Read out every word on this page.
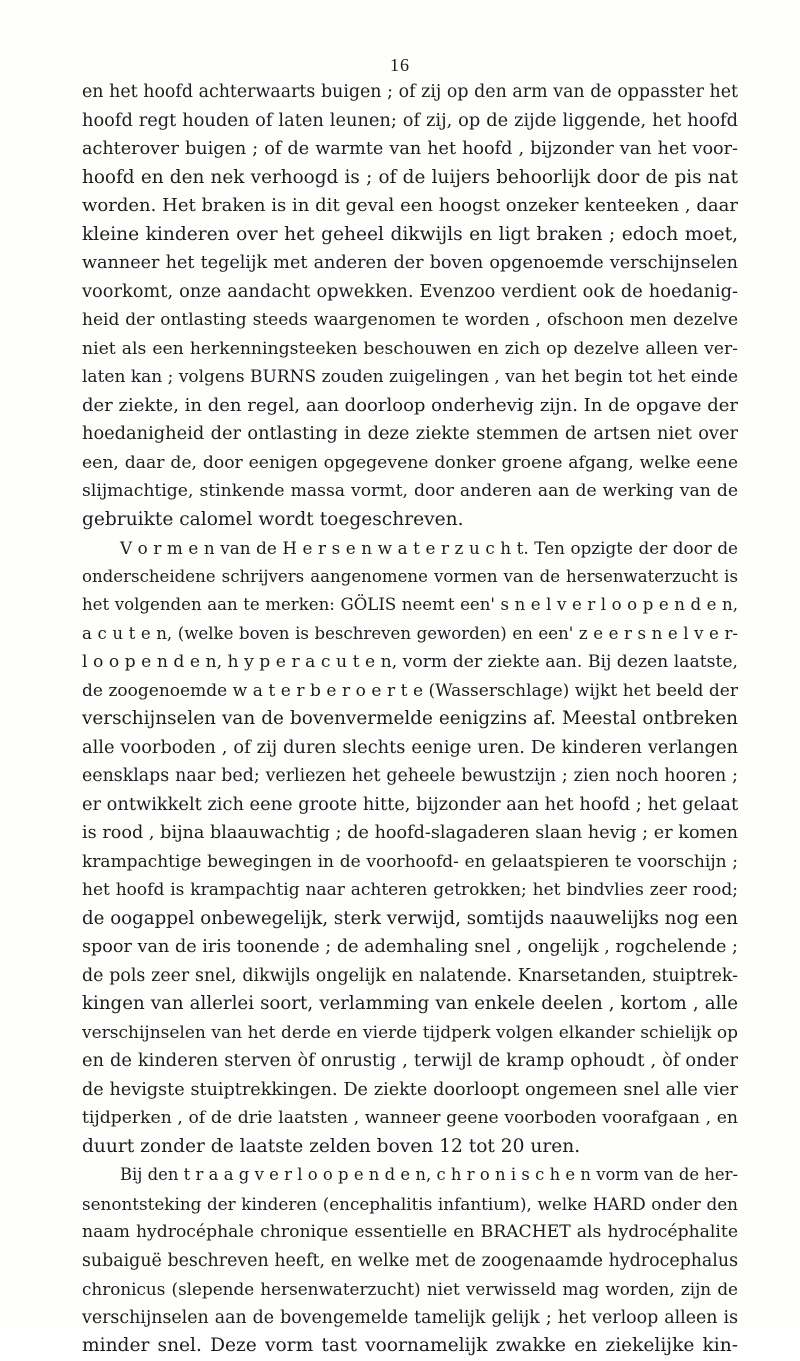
16
en het hoofd achterwaarts buigen ; of zij op den arm van de oppasster het
hoofd regt houden of laten leunen; of zij, op de zijde liggende, het hoofd
achterover buigen ; of de warmte van het hoofd , bijzonder van het voor-
hoofd en den nek verhoogd is ; of de luijers behoorlijk door de pis nat
worden. Het braken is in dit geval een hoogst onzeker kenteeken , daar
kleine kinderen over het geheel dikwijls en ligt braken ; edoch moet,
wanneer het tegelijk met anderen der boven opgenoemde verschijnselen
voorkomt, onze aandacht opwekken. Evenzoo verdient ook de hoedanig-
heid der ontlasting steeds waargenomen te worden , ofschoon men dezelve
niet als een herkenningsteeken beschouwen en zich op dezelve alleen ver-
laten kan ; volgens BURNS zouden zuigelingen , van het begin tot het einde
der ziekte, in den regel, aan doorloop onderhevig zijn. In de opgave der
hoedanigheid der ontlasting in deze ziekte stemmen de artsen niet over
een, daar de, door eenigen opgegevene donker groene afgang, welke eene
slijmachtige, stinkende massa vormt, door anderen aan de werking van de
gebruikte calomel wordt toegeschreven.
V o r m e n van de H e r s e n w a t e r z u c h t. Ten opzigte der door de
onderscheidene schrijvers aangenomene vormen van de hersenwaterzucht is
het volgenden aan te merken: GÖLIS neemt een' s n e l v e r l o o p e n d e n,
a c u t e n, (welke boven is beschreven geworden) en een' z e e r s n e l v e r-
l o o p e n d e n, h y p e r a c u t e n, vorm der ziekte aan. Bij dezen laatste,
de zoogenoemde w a t e r b e r o e r t e (Wasserschlage) wijkt het beeld der
verschijnselen van de bovenvermelde eenigzins af. Meestal ontbreken
alle voorboden , of zij duren slechts eenige uren. De kinderen verlangen
eensklaps naar bed; verliezen het geheele bewustzijn ; zien noch hooren ;
er ontwikkelt zich eene groote hitte, bijzonder aan het hoofd ; het gelaat
is rood , bijna blaauwachtig ; de hoofd-slagaderen slaan hevig ; er komen
krampachtige bewegingen in de voorhoofd- en gelaatspieren te voorschijn ;
het hoofd is krampachtig naar achteren getrokken; het bindvlies zeer rood;
de oogappel onbewegelijk, sterk verwijd, somtijds naauwelijks nog een
spoor van de iris toonende ; de ademhaling snel , ongelijk , rogchelende ;
de pols zeer snel, dikwijls ongelijk en nalatende. Knarsetanden, stuiptrek-
kingen van allerlei soort, verlamming van enkele deelen , kortom , alle
verschijnselen van het derde en vierde tijdperk volgen elkander schielijk op
en de kinderen sterven òf onrustig , terwijl de kramp ophoudt , òf onder
de hevigste stuiptrekkingen. De ziekte doorloopt ongemeen snel alle vier
tijdperken , of de drie laatsten , wanneer geene voorboden voorafgaan , en
duurt zonder de laatste zelden boven 12 tot 20 uren.
Bij den t r a a g v e r l o o p e n d e n, c h r o n i s c h e n vorm van de her-
senontsteking der kinderen (encephalitis infantium), welke HARD onder den
naam hydrocéphale chronique essentielle en BRACHET als hydrocéphalite
subaiguë beschreven heeft, en welke met de zoogenaamde hydrocephalus
chronicus (slepende hersenwaterzucht) niet verwisseld mag worden, zijn de
verschijnselen aan de bovengemelde tamelijk gelijk ; het verloop alleen is
minder snel. Deze vorm tast voornamelijk zwakke en ziekelijke kin-
